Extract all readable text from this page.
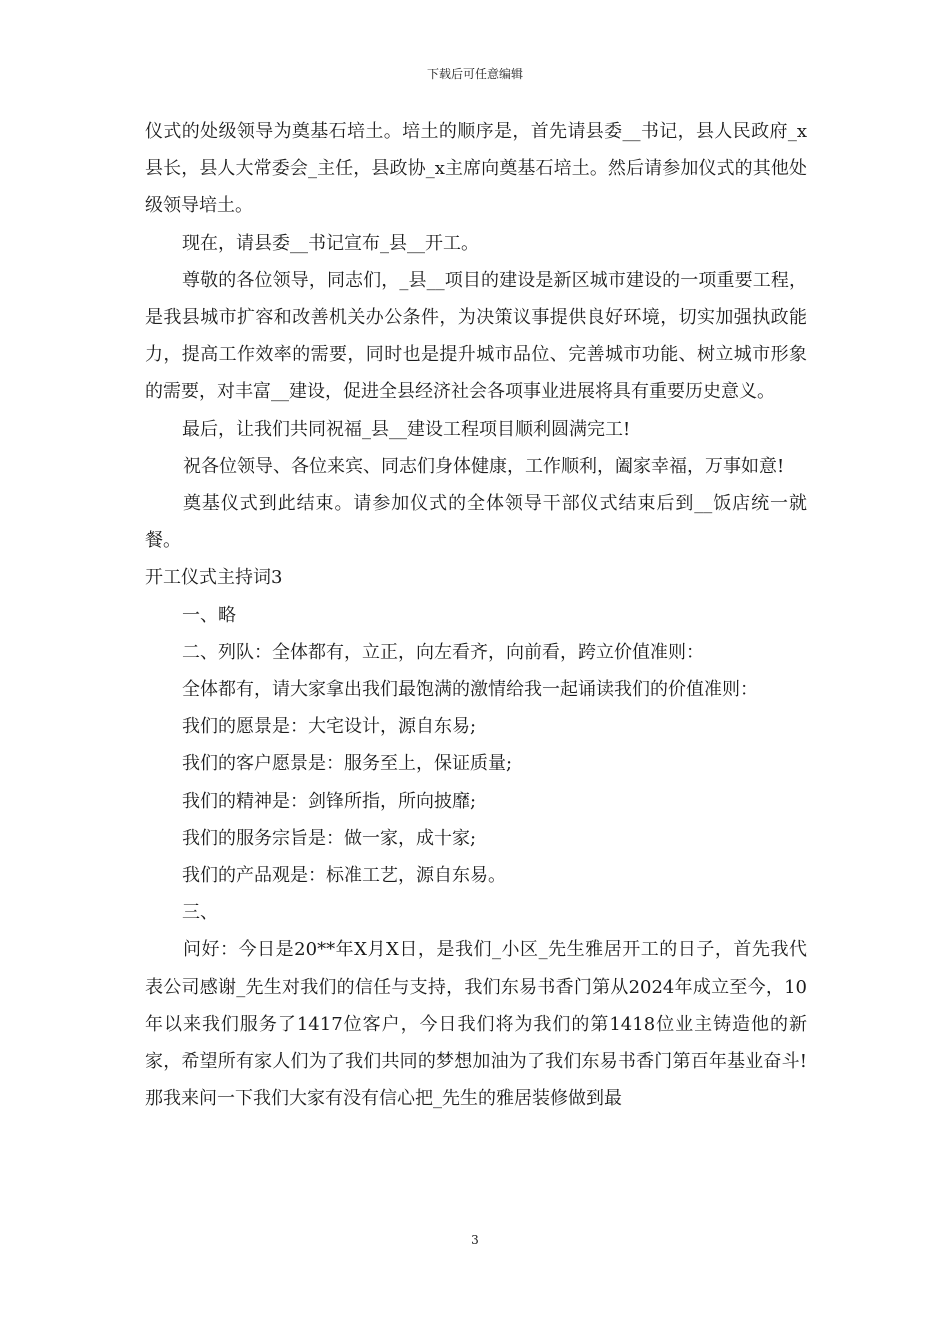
下载后可任意编辑

仪式的处级领导为奠基石培土。培土的顺序是，首先请县委__书记，县人民政府_x县长，县人大常委会_主任，县政协_x主席向奠基石培土。然后请参加仪式的其他处级领导培土。

现在，请县委__书记宣布_县__开工。

尊敬的各位领导，同志们，_县__项目的建设是新区城市建设的一项重要工程，是我县城市扩容和改善机关办公条件，为决策议事提供良好环境，切实加强执政能力，提高工作效率的需要，同时也是提升城市品位、完善城市功能、树立城市形象的需要，对丰富__建设，促进全县经济社会各项事业进展将具有重要历史意义。

最后，让我们共同祝福_县__建设工程项目顺利圆满完工!

祝各位领导、各位来宾、同志们身体健康，工作顺利，阖家幸福，万事如意!

奠基仪式到此结束。请参加仪式的全体领导干部仪式结束后到__饭店统一就餐。

开工仪式主持词3

一、略

二、列队：全体都有，立正，向左看齐，向前看，跨立价值准则：

全体都有，请大家拿出我们最饱满的激情给我一起诵读我们的价值准则：

我们的愿景是：大宅设计，源自东易;

我们的客户愿景是：服务至上，保证质量;

我们的精神是：剑锋所指，所向披靡;

我们的服务宗旨是：做一家，成十家;

我们的产品观是：标准工艺，源自东易。

三、

问好：今日是20**年X月X日，是我们_小区_先生雅居开工的日子，首先我代表公司感谢_先生对我们的信任与支持，我们东易书香门第从2024年成立至今，10年以来我们服务了1417位客户，今日我们将为我们的第1418位业主铸造他的新家，希望所有家人们为了我们共同的梦想加油为了我们东易书香门第百年基业奋斗!那我来问一下我们大家有没有信心把_先生的雅居装修做到最

3
